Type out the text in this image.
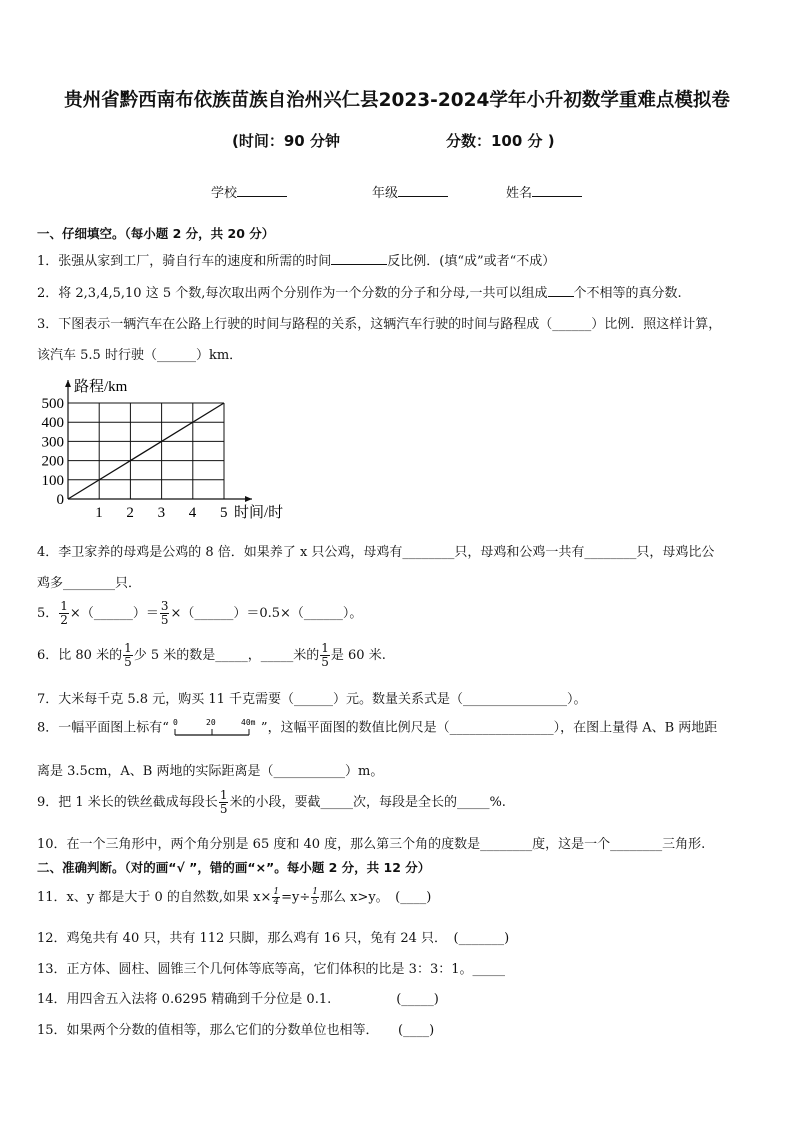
贵州省黔西南布依族苗族自治州兴仁县2023-2024学年小升初数学重难点模拟卷
(时间：90 分钟	分数：100 分 )
学校	年级	姓名
一、仔细填空。（每小题 2 分，共 20 分）
1．张强从家到工厂，骑自行车的速度和所需的时间	反比例．(填“成”或者“不成）
2．将 2,3,4,5,10 这 5 个数,每次取出两个分别作为一个分数的分子和分母,一共可以组成 个不相等的真分数.
3．下图表示一辆汽车在公路上行驶的时间与路程的关系，这辆汽车行驶的时间与路程成（______）比例．照这样计算，
该汽车 5.5 时行驶（______）km．
1 2 3 4 5
0
100
200
300
400
500
时间/时
路程/km
4．李卫家养的母鸡是公鸡的 8 倍．如果养了 x 只公鸡，母鸡有________只，母鸡和公鸡一共有________只，母鸡比公
鸡多________只．
5． $\frac{1}{2}$ ×（______）＝ $\frac{3}{5}$ ×（______）＝0.5×（______）。
6．比 80 米的 $\frac{1}{5}$ 少 5 米的数是_____，_____米的 $\frac{1}{5}$ 是 60 米.
7．大米每千克 5.8 元，购买 11 千克需要（______）元。数量关系式是（________________）。
8．一幅平面图上标有“ 0	20	40m ”，这幅平面图的数值比例尺是（________________），在图上量得 A、B 两地距
离是 3.5cm，A、B 两地的实际距离是（___________）m。
9．把 1 米长的铁丝截成每段长 $\frac{1}{5}$ 米的小段，要截_____次，每段是全长的_____%.
10．在一个三角形中，两个角分别是 65 度和 40 度，那么第三个角的度数是________度，这是一个________三角形.
二、准确判断。（对的画“√ ”，错的画“×”。每小题 2 分，共 12 分）
11．x、y 都是大于 0 的自然数,如果 $x\times \frac{1}{4} =y\div \frac{1}{5}$ 那么 x>y。　(____)
12．鸡兔共有 40 只，共有 112 只脚，那么鸡有 16 只，兔有 24 只．　(_______)
13．正方体、圆柱、圆锥三个几何体等底等高，它们体积的比是 3：3：1。_____
14．用四舍五入法将 0.6295 精确到千分位是 0.1.　　　　　(_____)
15．如果两个分数的值相等，那么它们的分数单位也相等．　　(____)
